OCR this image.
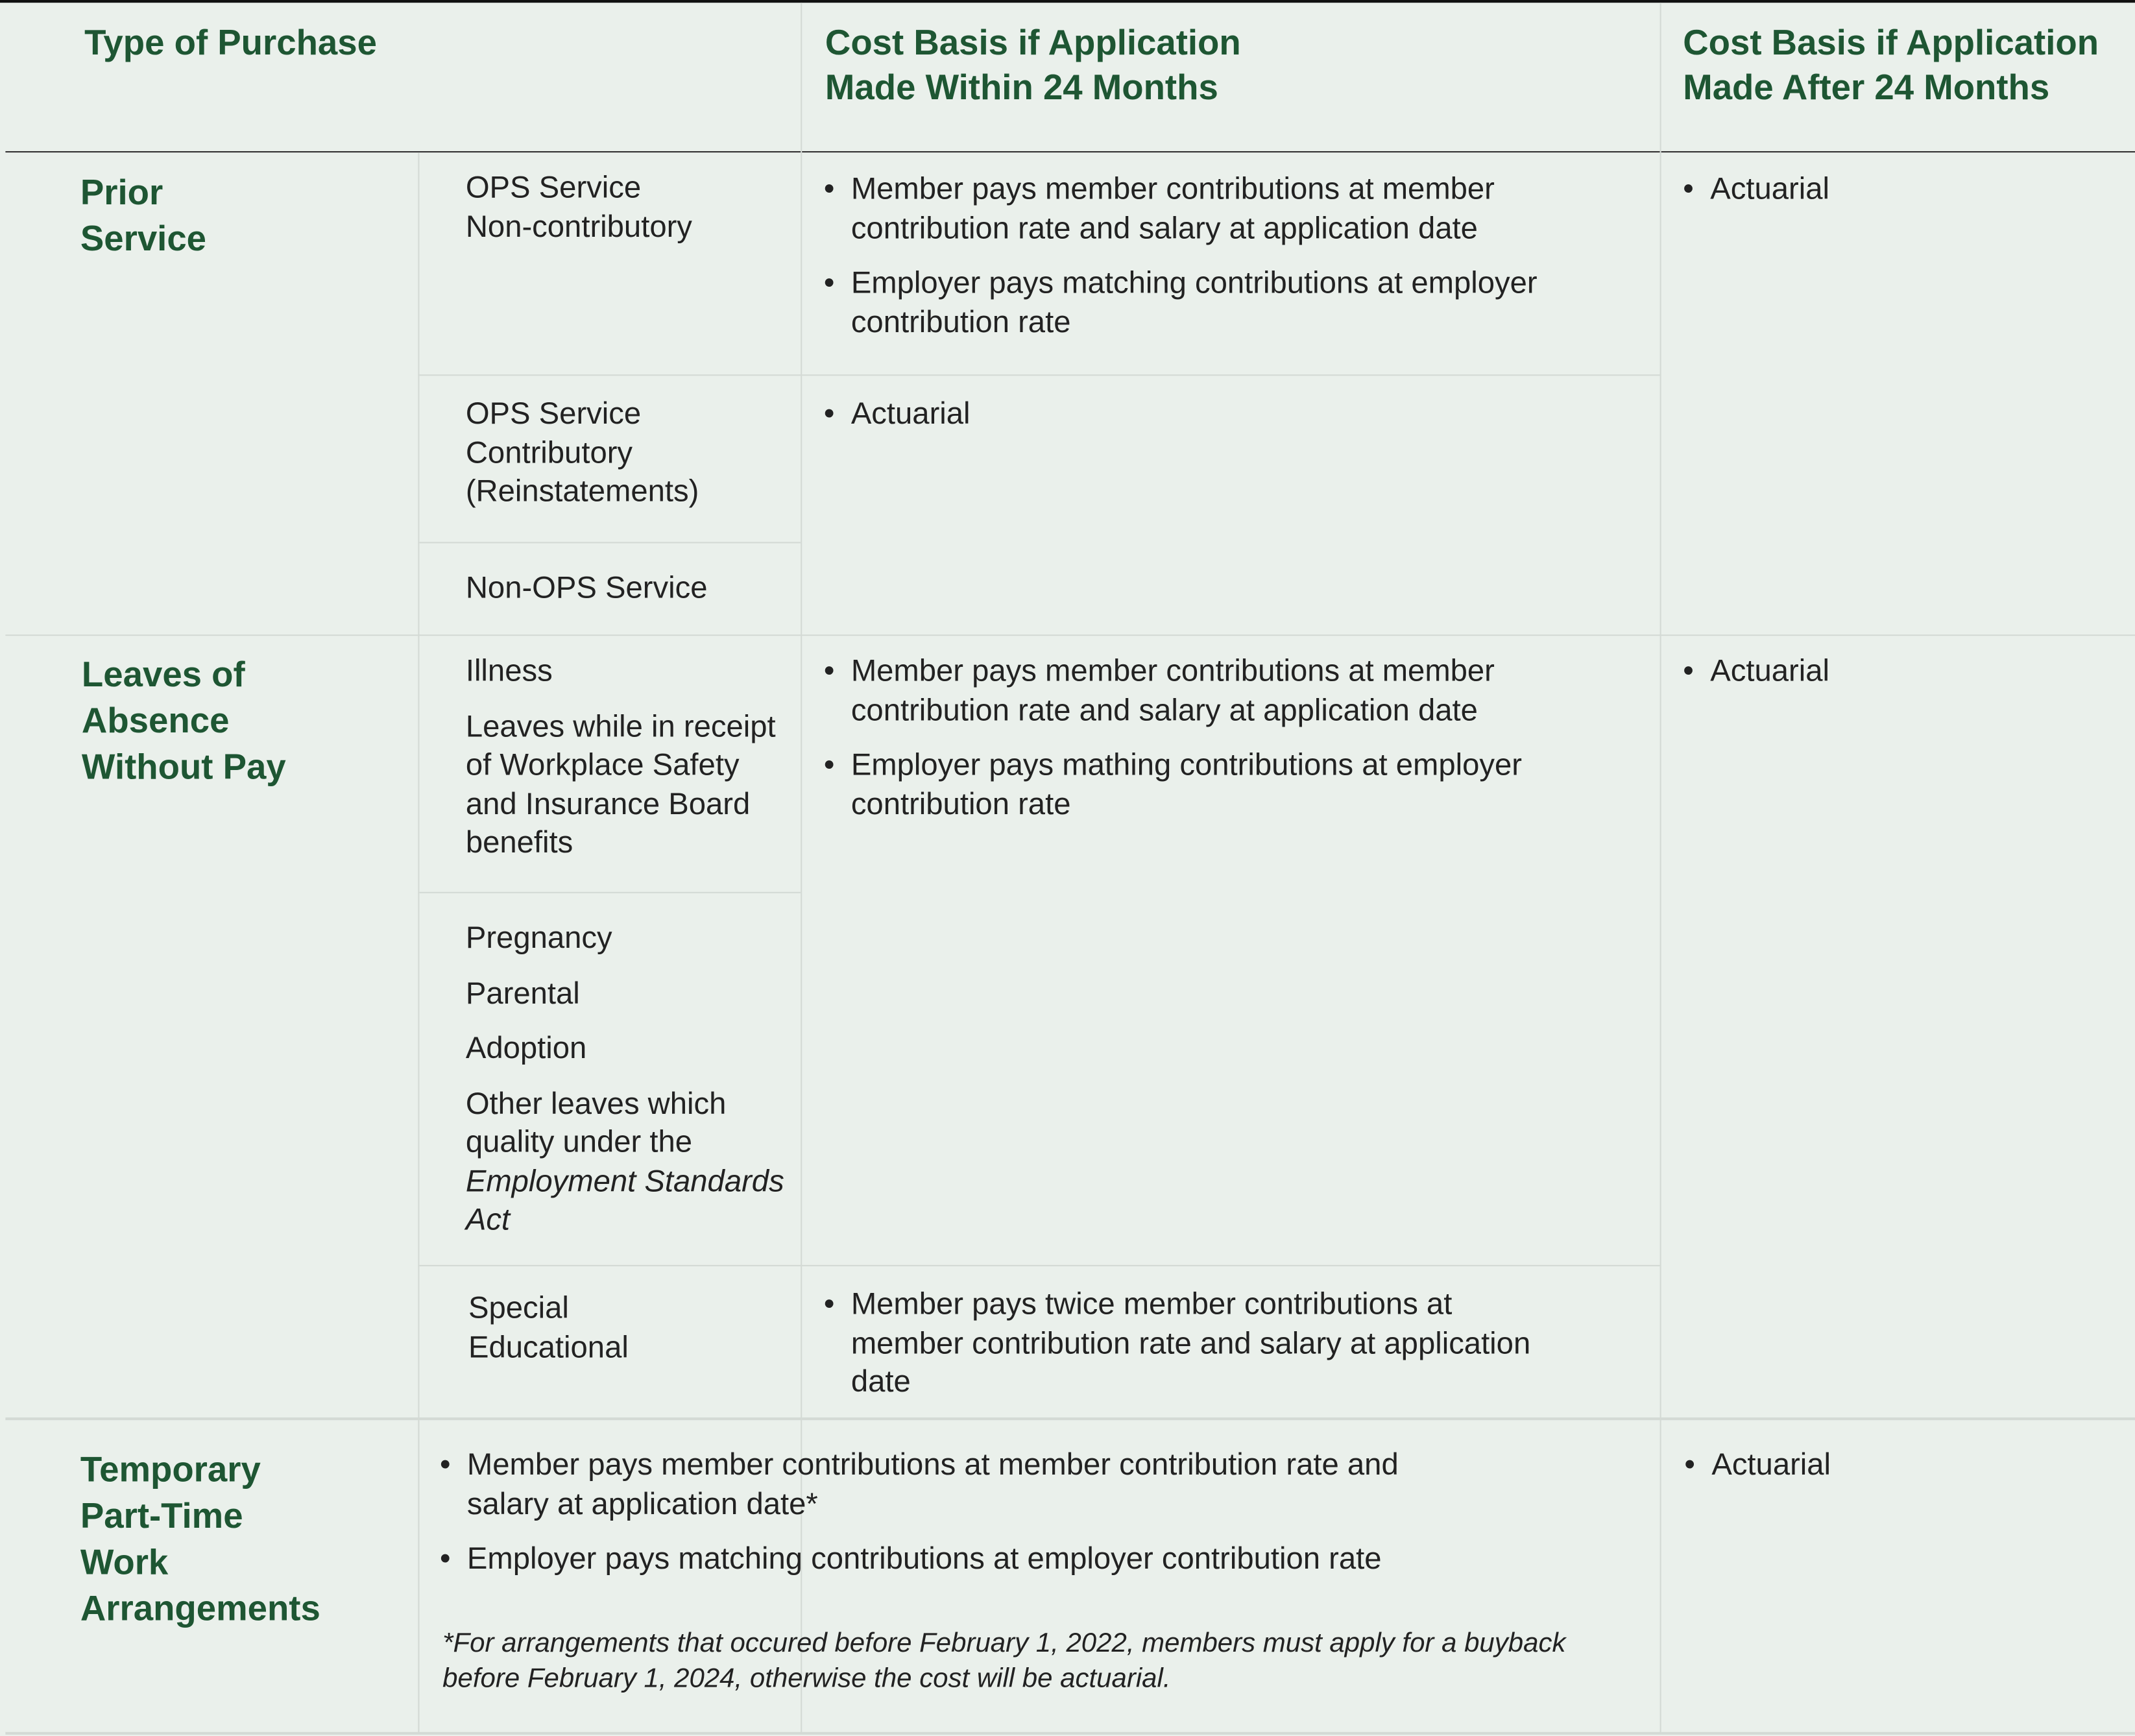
Type of Purchase	Cost Basis if Application
Made Within 24 Months
Cost Basis if Application
Made After 24 Months
Prior
Service
OPS Service
Non-contributory
• Member pays member contributions at member contribution rate and salary at application date
• Employer pays matching contributions at employer contribution rate
OPS Service
Contributory
(Reinstatements)
Non-OPS Service
• Actuarial
• Actuarial
Leaves of
Absence
Without Pay

Illness

Leaves while in receipt of Workplace Safety and Insurance Board benefits

Pregnancy

Parental

Adoption

Other leaves which quality under the
Employment Standards Act
• Member pays member contributions at member contribution rate and salary at application date
• Employer pays mathing contributions at employer contribution rate
Special
Educational
• Member pays twice member contributions at member contribution rate and salary at application date
• Actuarial
Temporary
Part-Time
Work
Arrangements
• Member pays member contributions at member contribution rate and salary at application date*
• Employer pays matching contributions at employer contribution rate
*For arrangements that occured before February 1, 2022, members must apply for a buyback before February 1, 2024, otherwise the cost will be actuarial.
• Actuarial
